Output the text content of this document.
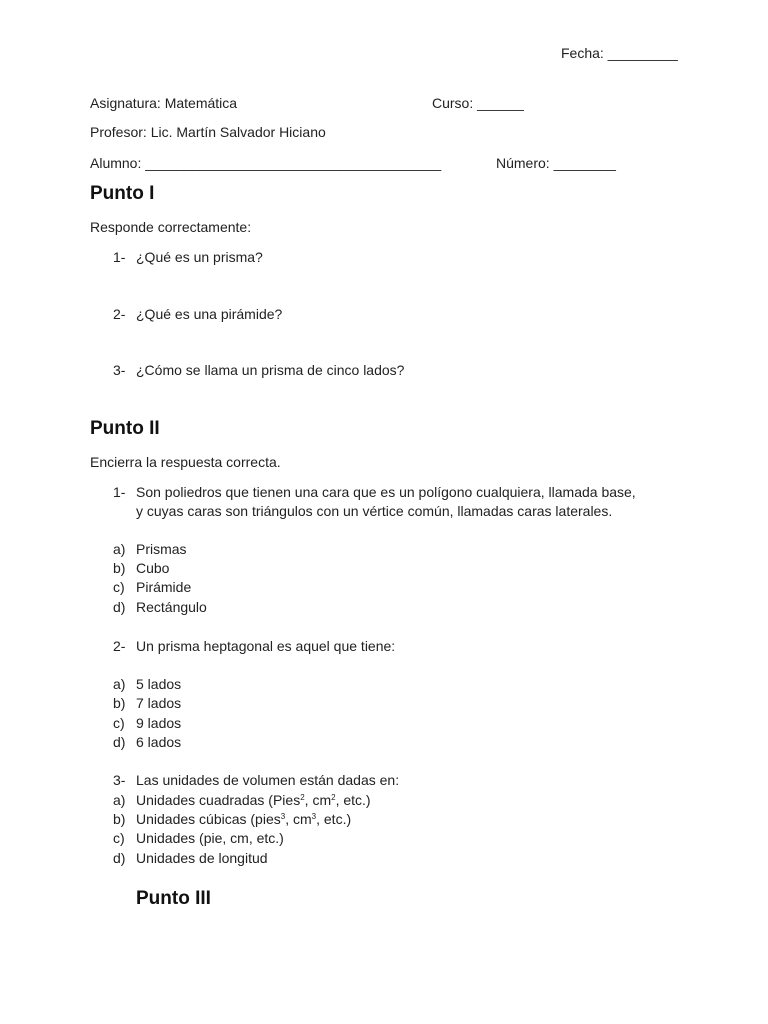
Fecha: _________
Asignatura: Matemática	Curso: ______
Profesor: Lic. Martín Salvador Hiciano
Alumno: ______________________________________	Número: ________
Punto I
Responde correctamente:
1- ¿Qué es un prisma?
2- ¿Qué es una pirámide?
3- ¿Cómo se llama un prisma de cinco lados?
Punto II
Encierra la respuesta correcta.
1- Son poliedros que tienen una cara que es un polígono cualquiera, llamada base,
y cuyas caras son triángulos con un vértice común, llamadas caras laterales.
a) Prismas
b) Cubo
c) Pirámide
d) Rectángulo
2- Un prisma heptagonal es aquel que tiene:
a) 5 lados
b) 7 lados
c) 9 lados
d) 6 lados
3- Las unidades de volumen están dadas en:
a) Unidades cuadradas (Pies$^2$, $cm^2$, etc.)
b) Unidades cúbicas (pies$^3$, $cm^3$, etc.)
c) Unidades (pie, cm, etc.)
d) Unidades de longitud
Punto III
